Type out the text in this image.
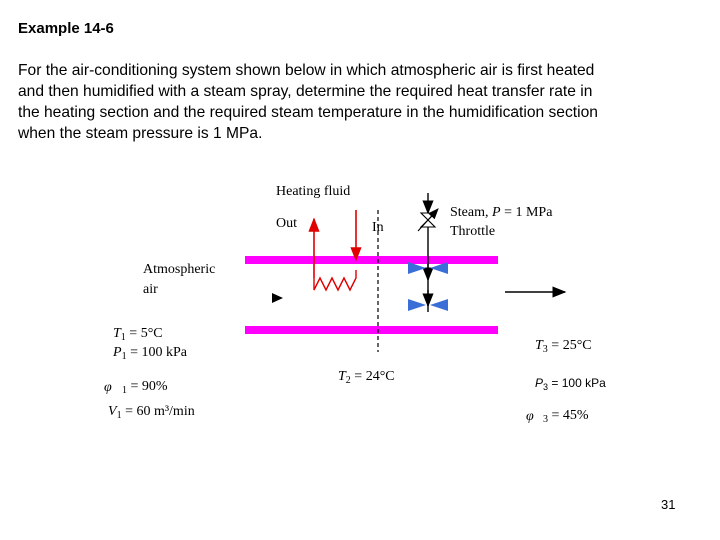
Example 14-6

For the air-conditioning system shown below in which atmospheric air is first heated
and then humidified with a steam spray, determine the required heat transfer rate in
the heating section and the required steam temperature in the humidification section
when the steam pressure is 1 MPa.

Heating fluid
Out	In
Steam, P = 1 MPa
Throttle
Atmospheric
air
$T_1 = 5^\circ C$
$P_1 = 100$ kPa
φ $_1$ = 90%
$V_1 = 60$ m³/min
$T_2 = 24^\circ C$
$T_3 = 25^\circ C$
$P_3 = 100$ kPa
φ $_3$ = 45%
31
